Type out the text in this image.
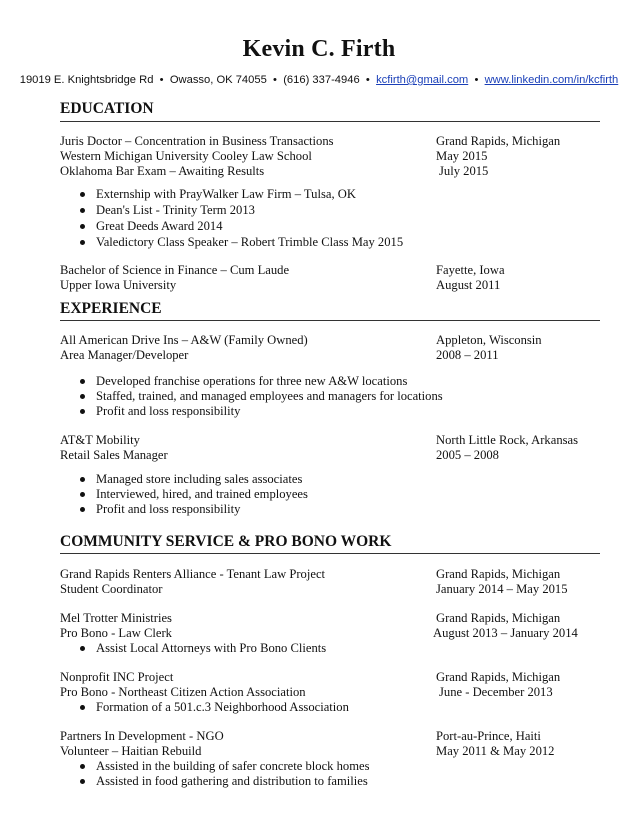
Kevin C. Firth
19019 E. Knightsbridge Rd  •  Owasso, OK 74055  •  (616) 337-4946  •  kcfirth@gmail.com  •  www.linkedin.com/in/kcfirth
EDUCATION
Juris Doctor – Concentration in Business Transactions	Grand Rapids, Michigan
Western Michigan University Cooley Law School	May 2015
Oklahoma Bar Exam – Awaiting Results	July 2015
Externship with PrayWalker Law Firm – Tulsa, OK
Dean's List - Trinity Term 2013
Great Deeds Award 2014
Valedictory Class Speaker – Robert Trimble Class May 2015
Bachelor of Science in Finance – Cum Laude	Fayette, Iowa
Upper Iowa University	August 2011
EXPERIENCE
All American Drive Ins – A&W (Family Owned)	Appleton, Wisconsin
Area Manager/Developer	2008 – 2011
Developed franchise operations for three new A&W locations
Staffed, trained, and managed employees and managers for locations
Profit and loss responsibility
AT&T Mobility	North Little Rock, Arkansas
Retail Sales Manager	2005 – 2008
Managed store including sales associates
Interviewed, hired, and trained employees
Profit and loss responsibility
COMMUNITY SERVICE & PRO BONO WORK
Grand Rapids Renters Alliance - Tenant Law Project	Grand Rapids, Michigan
Student Coordinator	January 2014 – May 2015
Mel Trotter Ministries	Grand Rapids, Michigan
Pro Bono - Law Clerk	August 2013 – January 2014
Assist Local Attorneys with Pro Bono Clients
Nonprofit INC Project	Grand Rapids, Michigan
Pro Bono - Northeast Citizen Action Association	June - December 2013
Formation of a 501.c.3 Neighborhood Association
Partners In Development - NGO	Port-au-Prince, Haiti
Volunteer – Haitian Rebuild	May 2011 & May 2012
Assisted in the building of safer concrete block homes
Assisted in food gathering and distribution to families
